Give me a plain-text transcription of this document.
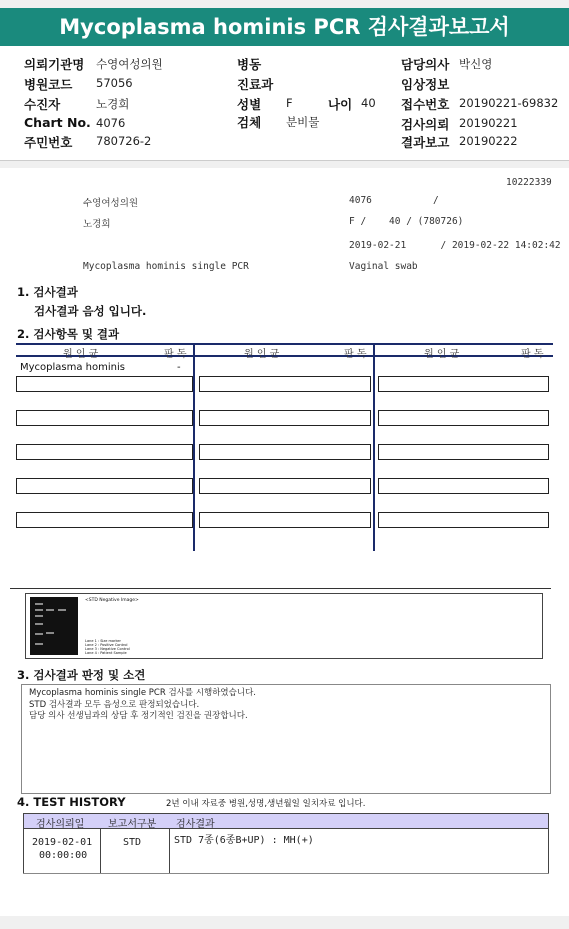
Mycoplasma hominis PCR 검사결과보고서
의뢰기관명 수영여성의원
병원코드 57056
수진자	노경희
Chart No. 4076
주민번호 780726-2
병동
진료과
성별 F	나이 40
검체 분비물
담당의사 박신영
임상정보
접수번호 20190221-69832
검사의뢰 20190221
결과보고 20190222
10222339
수영여성의원	4076	/
노경희	F /    40 / (780726)
2019-02-21      / 2019-02-22 14:02:42
Mycoplasma hominis single PCR	Vaginal swab
1. 검사결과
검사결과 음성 입니다.
2. 검사항목 및 결과
원 인 균	판 독	원 인 균	판 독	원 인 균	판 독
Mycoplasma hominis	-
<STD Negative Image>
Lane 1 : Size marker
Lane 2 : Positive Control
Lane 3 : Negative Control
Lane 4 : Patient Sample
3. 검사결과 판정 및 소견
Mycoplasma hominis single PCR 검사를 시행하였습니다.
STD 검사결과 모두 음성으로 판정되었습니다.
담당 의사 선생님과의 상담 후 정기적인 검진을 권장합니다.
4. TEST HISTORY	2년 이내 자료중 병원,성명,생년월일 일치자료 입니다.
검사의뢰일 보고서구분 검사결과
2019-02-01
00:00:00
STD	STD 7종(6종B+UP) : MH(+)
